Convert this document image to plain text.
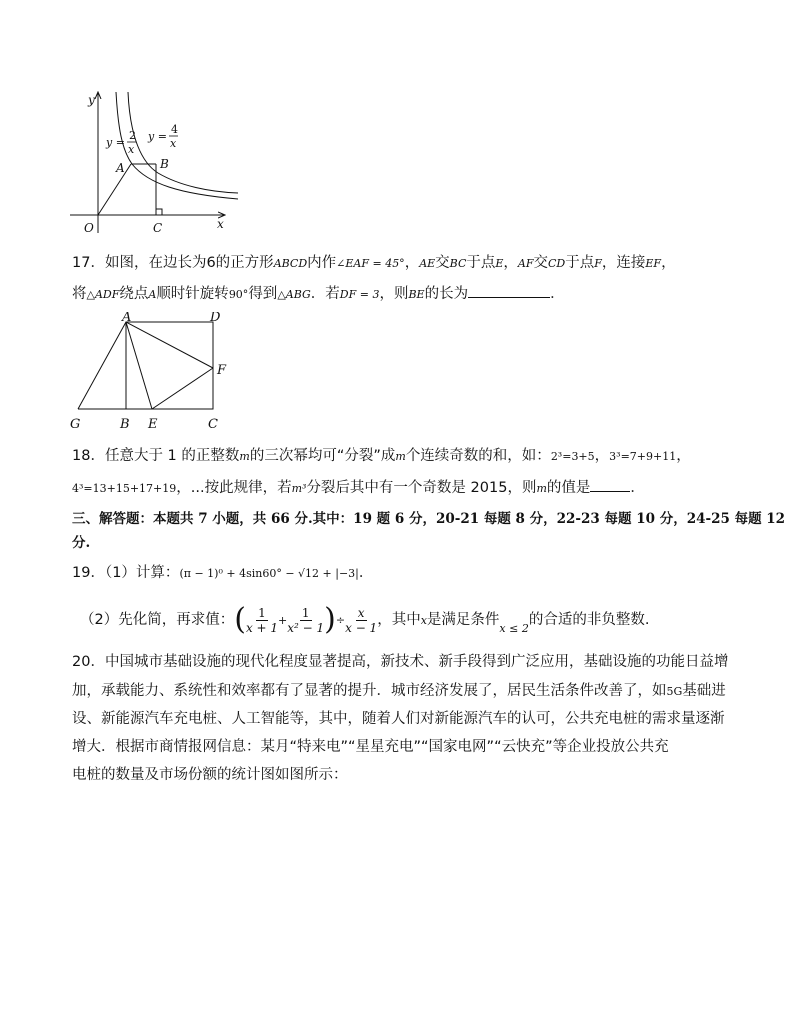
y
x
O
A	B
C
y =
2
x
y =
4
x
17．如图，在边长为6的正方形ABCD内作∠EAF = 45°，AE交BC于点E，AF交CD于点F，连接EF，
将△ADF绕点A顺时针旋转90°得到△ABG．若DF = 3，则BE的长为	．
A	D
F
G	B E	C
18．任意大于 1 的正整数m的三次幂均可“分裂”成m个连续奇数的和，如：2³=3+5，3³=7+9+11，
4³=13+15+17+19，...按此规律，若m³分裂后其中有一个奇数是 2015，则m的值是	．
三、解答题：本题共 7 小题，共 66 分.其中：19 题 6 分，20-21 每题 8 分，22-23 每题 10 分，24-25 每题 12
分.
19．（1）计算：(π − 1)⁰ + 4sin60° − √12 + |−3|．
（2）先化简，再求值：( $\frac{1}{x + 1} + \frac{1}{\text{x² − 1}}$ )÷ $\frac{x}{x - 1}$ ，其中x是满足条件$_{x \le 2}$的合适的非负整数.
20．中国城市基础设施的现代化程度显著提高，新技术、新手段得到广泛应用，基础设施的功能日益增
加，承载能力、系统性和效率都有了显著的提升．城市经济发展了，居民生活条件改善了，如5G基础进
设、新能源汽车充电桩、人工智能等，其中，随着人们对新能源汽车的认可，公共充电桩的需求量逐渐
增大．根据市商情报网信息：某月“特来电”“星星充电”“国家电网”“云快充”等企业投放公共充
电桩的数量及市场份额的统计图如图所示：
